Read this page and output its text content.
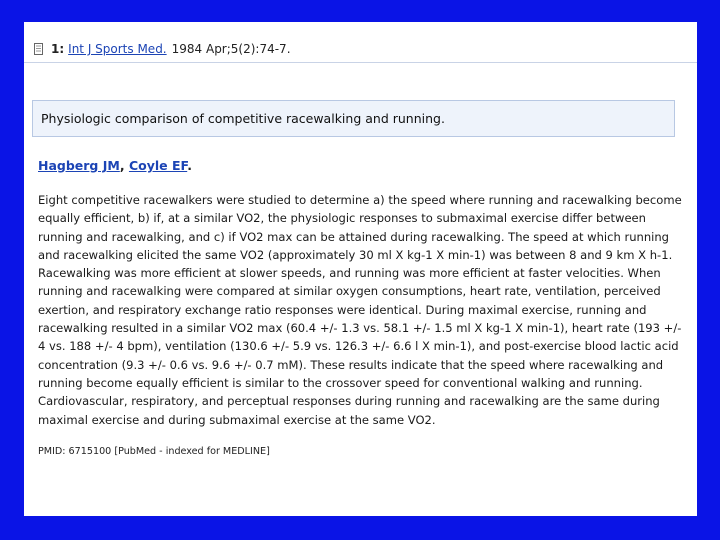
1: Int J Sports Med. 1984 Apr;5(2):74-7.
Physiologic comparison of competitive racewalking and running.
Hagberg JM, Coyle EF.

Eight competitive racewalkers were studied to determine a) the speed where running and racewalking become equally efficient, b) if, at a similar VO2, the physiologic responses to submaximal exercise differ between running and racewalking, and c) if VO2 max can be attained during racewalking. The speed at which running and racewalking elicited the same VO2 (approximately 30 ml X kg-1 X min-1) was between 8 and 9 km X h-1. Racewalking was more efficient at slower speeds, and running was more efficient at faster velocities. When running and racewalking were compared at similar oxygen consumptions, heart rate, ventilation, perceived exertion, and respiratory exchange ratio responses were identical. During maximal exercise, running and racewalking resulted in a similar VO2 max (60.4 +/- 1.3 vs. 58.1 +/- 1.5 ml X kg-1 X min-1), heart rate (193 +/- 4 vs. 188 +/- 4 bpm), ventilation (130.6 +/- 5.9 vs. 126.3 +/- 6.6 l X min-1), and post-exercise blood lactic acid concentration (9.3 +/- 0.6 vs. 9.6 +/- 0.7 mM). These results indicate that the speed where racewalking and running become equally efficient is similar to the crossover speed for conventional walking and running. Cardiovascular, respiratory, and perceptual responses during running and racewalking are the same during maximal exercise and during submaximal exercise at the same VO2.

PMID: 6715100 [PubMed - indexed for MEDLINE]
